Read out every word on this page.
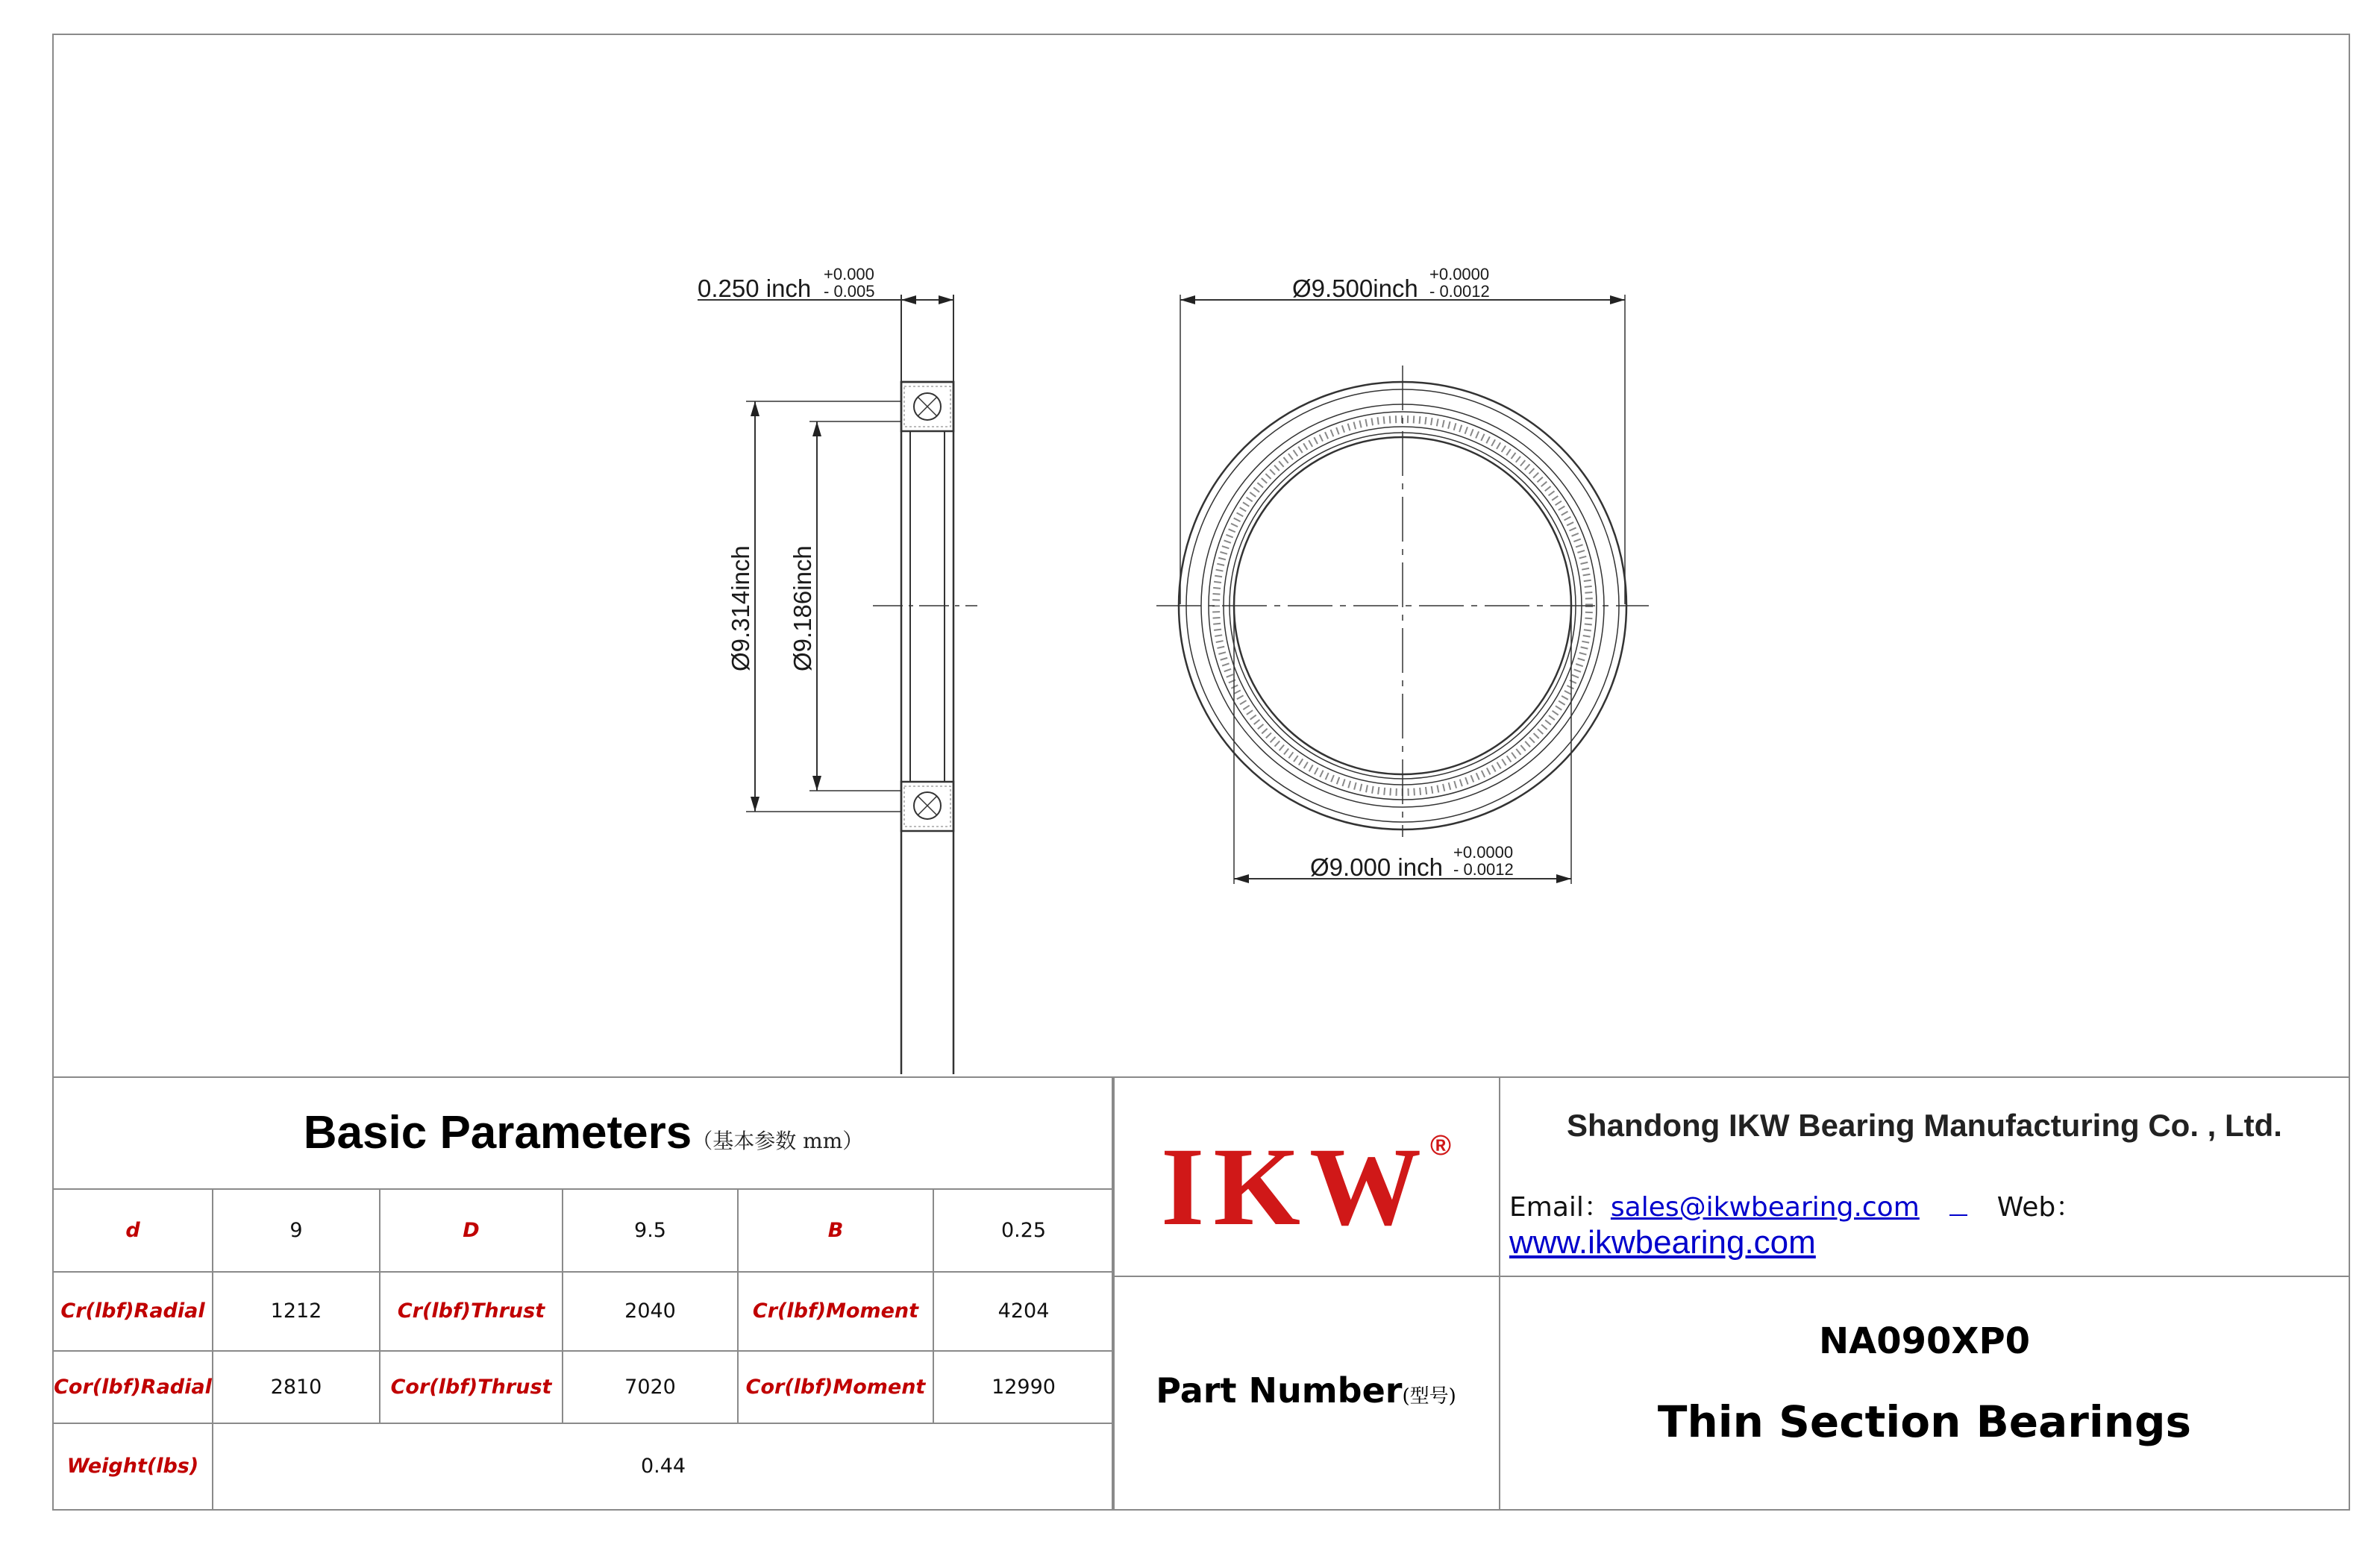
0.250 inch
+0.000
- 0.005	Ø9.500inch
+0.0000
- 0.0012
Ø9.000 inch
+0.0000
- 0.0012
Ø9.314inch Ø9.186inch
Basic Parameters（基本参数 mm）					
d	9	D	9.5	B	0.25
Cr(lbf)Radial	1212	Cr(lbf)Thrust	2040	Cr(lbf)Moment	4204
Cor(lbf)Radial	2810	Cor(lbf)Thrust	7020	Cor(lbf)Moment	12990
Weight(lbs)	0.44				
IKW®
Part Number(型号)
Shandong IKW Bearing Manufacturing Co. , Ltd.
Email：sales@ikwbearing.com	Web：www.ikwbearing.com
NA090XP0
Thin Section Bearings
